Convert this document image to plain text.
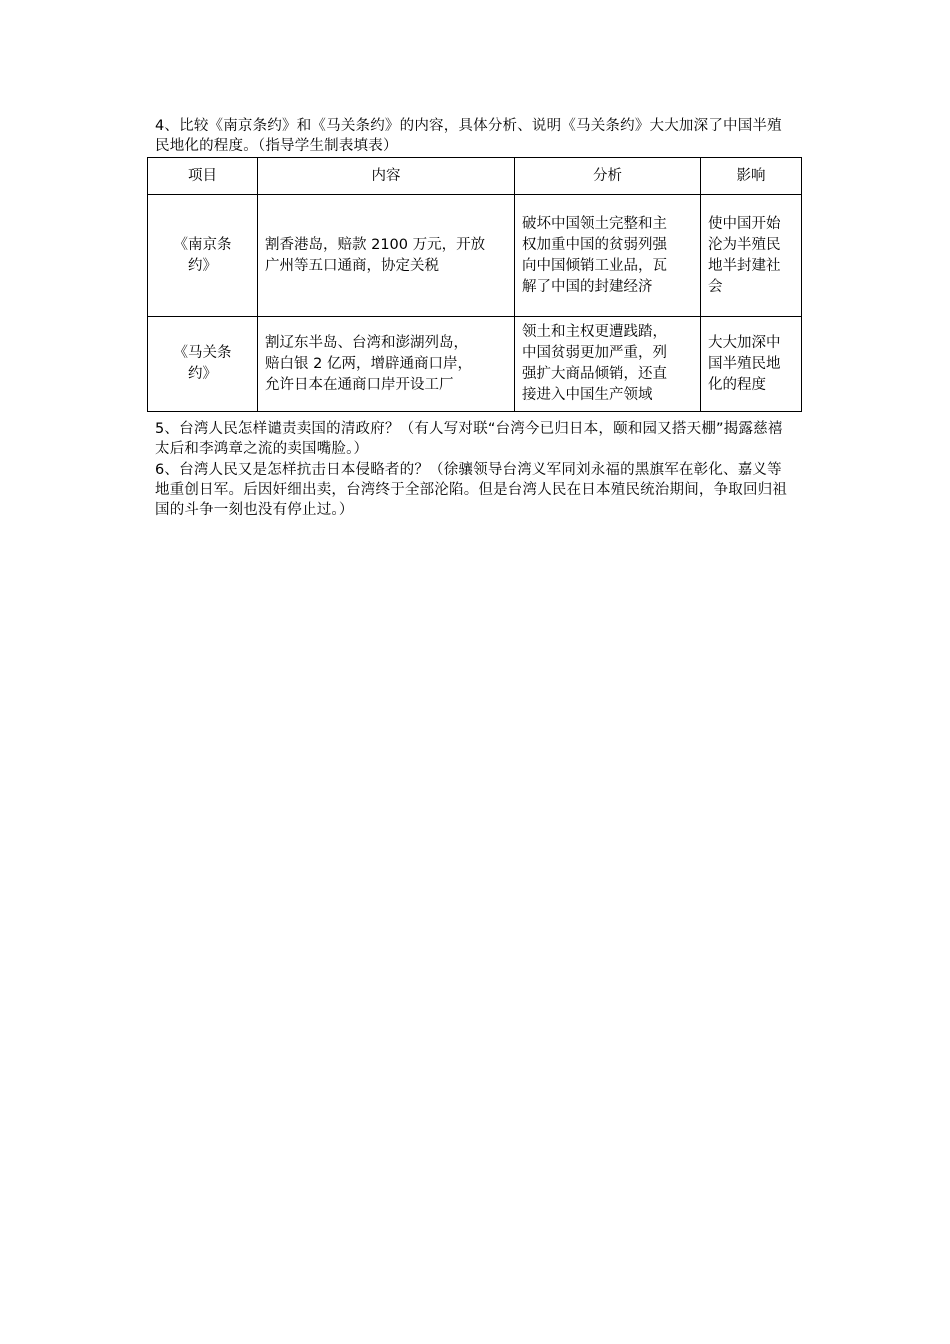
4、比较《南京条约》和《马关条约》的内容，具体分析、说明《马关条约》大大加深了中国半殖
民地化的程度。（指导学生制表填表）
项目	内容	分析	影响

《南京条
约》	割香港岛，赔款 2100 万元，开放
广州等五口通商，协定关税	破坏中国领土完整和主
权加重中国的贫弱列强
向中国倾销工业品，瓦
解了中国的封建经济	使中国开始
沦为半殖民
地半封建社
会

《马关条
约》	割辽东半岛、台湾和澎湖列岛，
赔白银 2 亿两，增辟通商口岸，
允许日本在通商口岸开设工厂	领土和主权更遭践踏，
中国贫弱更加严重，列
强扩大商品倾销，还直
接进入中国生产领域	大大加深中
国半殖民地
化的程度
5、台湾人民怎样谴责卖国的清政府？（有人写对联“台湾今已归日本，颐和园又搭天棚”揭露慈禧
太后和李鸿章之流的卖国嘴脸。）
6、台湾人民又是怎样抗击日本侵略者的？（徐骧领导台湾义军同刘永福的黑旗军在彰化、嘉义等
地重创日军。后因奸细出卖，台湾终于全部沦陷。但是台湾人民在日本殖民统治期间，争取回归祖
国的斗争一刻也没有停止过。）
